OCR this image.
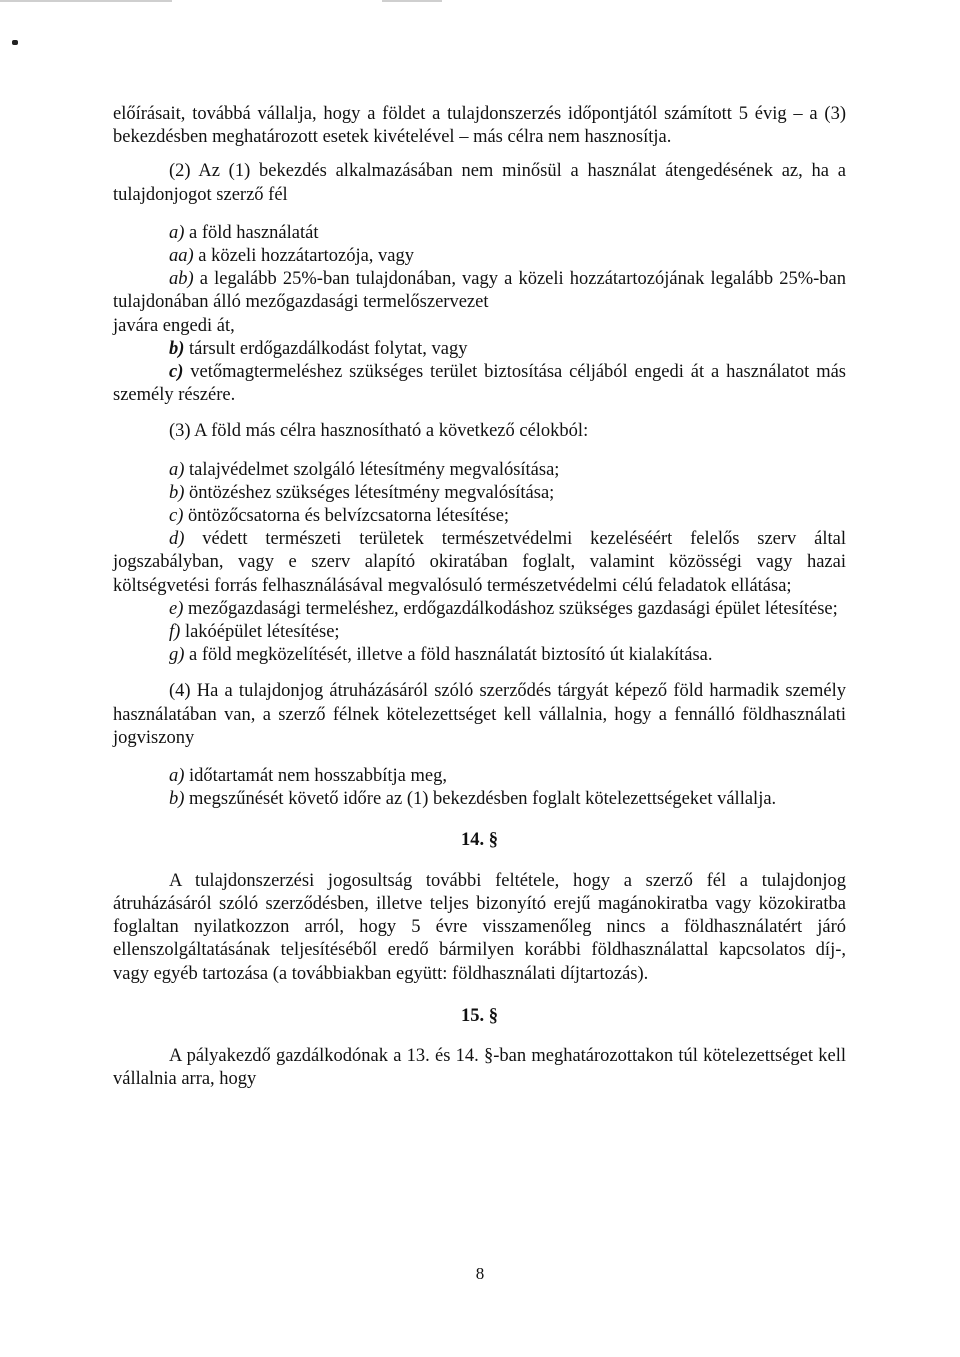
előírásait, továbbá vállalja, hogy a földet a tulajdonszerzés időpontjától számított 5 évig – a (3) bekezdésben meghatározott esetek kivételével – más célra nem hasznosítja.

(2) Az (1) bekezdés alkalmazásában nem minősül a használat átengedésének az, ha a tulajdonjogot szerző fél

a) a föld használatát

aa) a közeli hozzátartozója, vagy

ab) a legalább 25%-ban tulajdonában, vagy a közeli hozzátartozójának legalább 25%-ban tulajdonában álló mezőgazdasági termelőszervezet

javára engedi át,

b) társult erdőgazdálkodást folytat, vagy

c) vetőmagtermeléshez szükséges terület biztosítása céljából engedi át a használatot más személy részére.

(3) A föld más célra hasznosítható a következő célokból:

a) talajvédelmet szolgáló létesítmény megvalósítása;

b) öntözéshez szükséges létesítmény megvalósítása;

c) öntözőcsatorna és belvízcsatorna létesítése;

d) védett természeti területek természetvédelmi kezeléséért felelős szerv által jogszabályban, vagy e szerv alapító okiratában foglalt, valamint közösségi vagy hazai költségvetési forrás felhasználásával megvalósuló természetvédelmi célú feladatok ellátása;

e) mezőgazdasági termeléshez, erdőgazdálkodáshoz szükséges gazdasági épület létesítése;

f) lakóépület létesítése;

g) a föld megközelítését, illetve a föld használatát biztosító út kialakítása.

(4) Ha a tulajdonjog átruházásáról szóló szerződés tárgyát képező föld harmadik személy használatában van, a szerző félnek kötelezettséget kell vállalnia, hogy a fennálló földhasználati jogviszony

a) időtartamát nem hosszabbítja meg,

b) megszűnését követő időre az (1) bekezdésben foglalt kötelezettségeket vállalja.

14. §

A tulajdonszerzési jogosultság további feltétele, hogy a szerző fél a tulajdonjog átruházásáról szóló szerződésben, illetve teljes bizonyító erejű magánokiratba vagy közokiratba foglaltan nyilatkozzon arról, hogy 5 évre visszamenőleg nincs a földhasználatért járó ellenszolgáltatásának teljesítéséből eredő bármilyen korábbi földhasználattal kapcsolatos díj-, vagy egyéb tartozása (a továbbiakban együtt: földhasználati díjtartozás).

15. §

A pályakezdő gazdálkodónak a 13. és 14. §-ban meghatározottakon túl kötelezettséget kell vállalnia arra, hogy

8
